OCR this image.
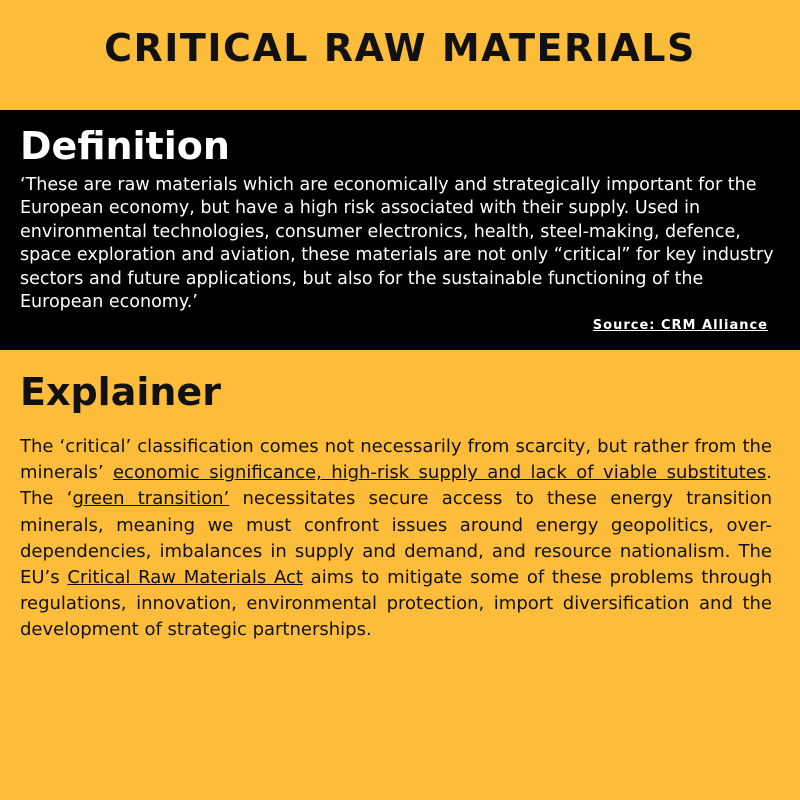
CRITICAL RAW MATERIALS
Definition

‘These are raw materials which are economically and strategically important for the European economy, but have a high risk associated with their supply. Used in environmental technologies, consumer electronics, health, steel-making, defence, space exploration and aviation, these materials are not only “critical” for key industry sectors and future applications, but also for the sustainable functioning of the European economy.’

Source: CRM Alliance
Explainer

The ‘critical’ classification comes not necessarily from scarcity, but rather from the minerals’ economic significance, high-risk supply and lack of viable substitutes. The ‘green transition’ necessitates secure access to these energy transition minerals, meaning we must confront issues around energy geopolitics, over-dependencies, imbalances in supply and demand, and resource nationalism. The EU’s Critical Raw Materials Act aims to mitigate some of these problems through regulations, innovation, environmental protection, import diversification and the development of strategic partnerships.
